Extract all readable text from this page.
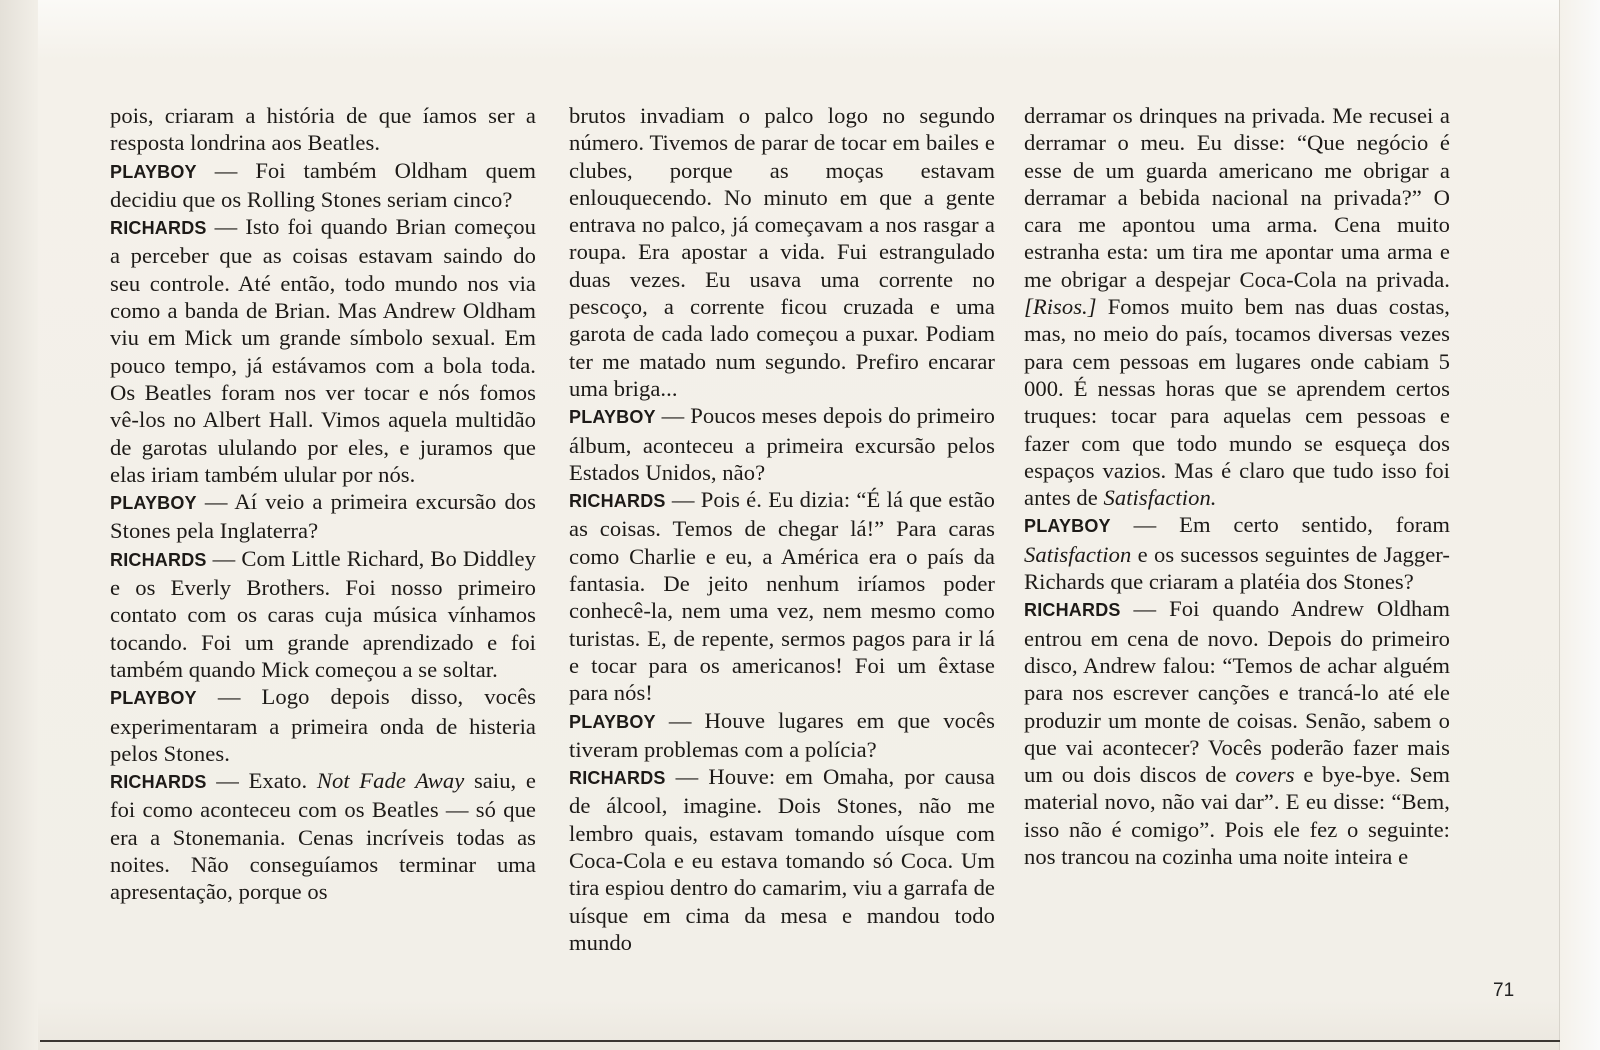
pois, criaram a história de que íamos ser a resposta londrina aos Beatles.

PLAYBOY — Foi também Oldham quem decidiu que os Rolling Stones seriam cinco?

RICHARDS — Isto foi quando Brian começou a perceber que as coisas estavam saindo do seu controle. Até então, todo mundo nos via como a banda de Brian. Mas Andrew Oldham viu em Mick um grande símbolo sexual. Em pouco tempo, já estávamos com a bola toda. Os Beatles foram nos ver tocar e nós fomos vê-los no Albert Hall. Vimos aquela multidão de garotas ululando por eles, e juramos que elas iriam também ulular por nós.

PLAYBOY — Aí veio a primeira excursão dos Stones pela Inglaterra?

RICHARDS — Com Little Richard, Bo Diddley e os Everly Brothers. Foi nosso primeiro contato com os caras cuja música vínhamos tocando. Foi um grande aprendizado e foi também quando Mick começou a se soltar.

PLAYBOY — Logo depois disso, vocês experimentaram a primeira onda de histeria pelos Stones.

RICHARDS — Exato. Not Fade Away saiu, e foi como aconteceu com os Beatles — só que era a Stonemania. Cenas incríveis todas as noites. Não conseguíamos terminar uma apresentação, porque os

brutos invadiam o palco logo no segundo número. Tivemos de parar de tocar em bailes e clubes, porque as moças estavam enlouquecendo. No minuto em que a gente entrava no palco, já começavam a nos rasgar a roupa. Era apostar a vida. Fui estrangulado duas vezes. Eu usava uma corrente no pescoço, a corrente ficou cruzada e uma garota de cada lado começou a puxar. Podiam ter me matado num segundo. Prefiro encarar uma briga...

PLAYBOY — Poucos meses depois do primeiro álbum, aconteceu a primeira excursão pelos Estados Unidos, não?

RICHARDS — Pois é. Eu dizia: “É lá que estão as coisas. Temos de chegar lá!” Para caras como Charlie e eu, a América era o país da fantasia. De jeito nenhum iríamos poder conhecê-la, nem uma vez, nem mesmo como turistas. E, de repente, sermos pagos para ir lá e tocar para os americanos! Foi um êxtase para nós!

PLAYBOY — Houve lugares em que vocês tiveram problemas com a polícia?

RICHARDS — Houve: em Omaha, por causa de álcool, imagine. Dois Stones, não me lembro quais, estavam tomando uísque com Coca-Cola e eu estava tomando só Coca. Um tira espiou dentro do camarim, viu a garrafa de uísque em cima da mesa e mandou todo mundo

derramar os drinques na privada. Me recusei a derramar o meu. Eu disse: “Que negócio é esse de um guarda americano me obrigar a derramar a bebida nacional na privada?” O cara me apontou uma arma. Cena muito estranha esta: um tira me apontar uma arma e me obrigar a despejar Coca-Cola na privada. [Risos.] Fomos muito bem nas duas costas, mas, no meio do país, tocamos diversas vezes para cem pessoas em lugares onde cabiam 5 000. É nessas horas que se aprendem certos truques: tocar para aquelas cem pessoas e fazer com que todo mundo se esqueça dos espaços vazios. Mas é claro que tudo isso foi antes de Satisfaction.

PLAYBOY — Em certo sentido, foram Satisfaction e os sucessos seguintes de Jagger-Richards que criaram a platéia dos Stones?

RICHARDS — Foi quando Andrew Oldham entrou em cena de novo. Depois do primeiro disco, Andrew falou: “Temos de achar alguém para nos escrever canções e trancá-lo até ele produzir um monte de coisas. Senão, sabem o que vai acontecer? Vocês poderão fazer mais um ou dois discos de covers e bye-bye. Sem material novo, não vai dar”. E eu disse: “Bem, isso não é comigo”. Pois ele fez o seguinte: nos trancou na cozinha uma noite inteira e

71
